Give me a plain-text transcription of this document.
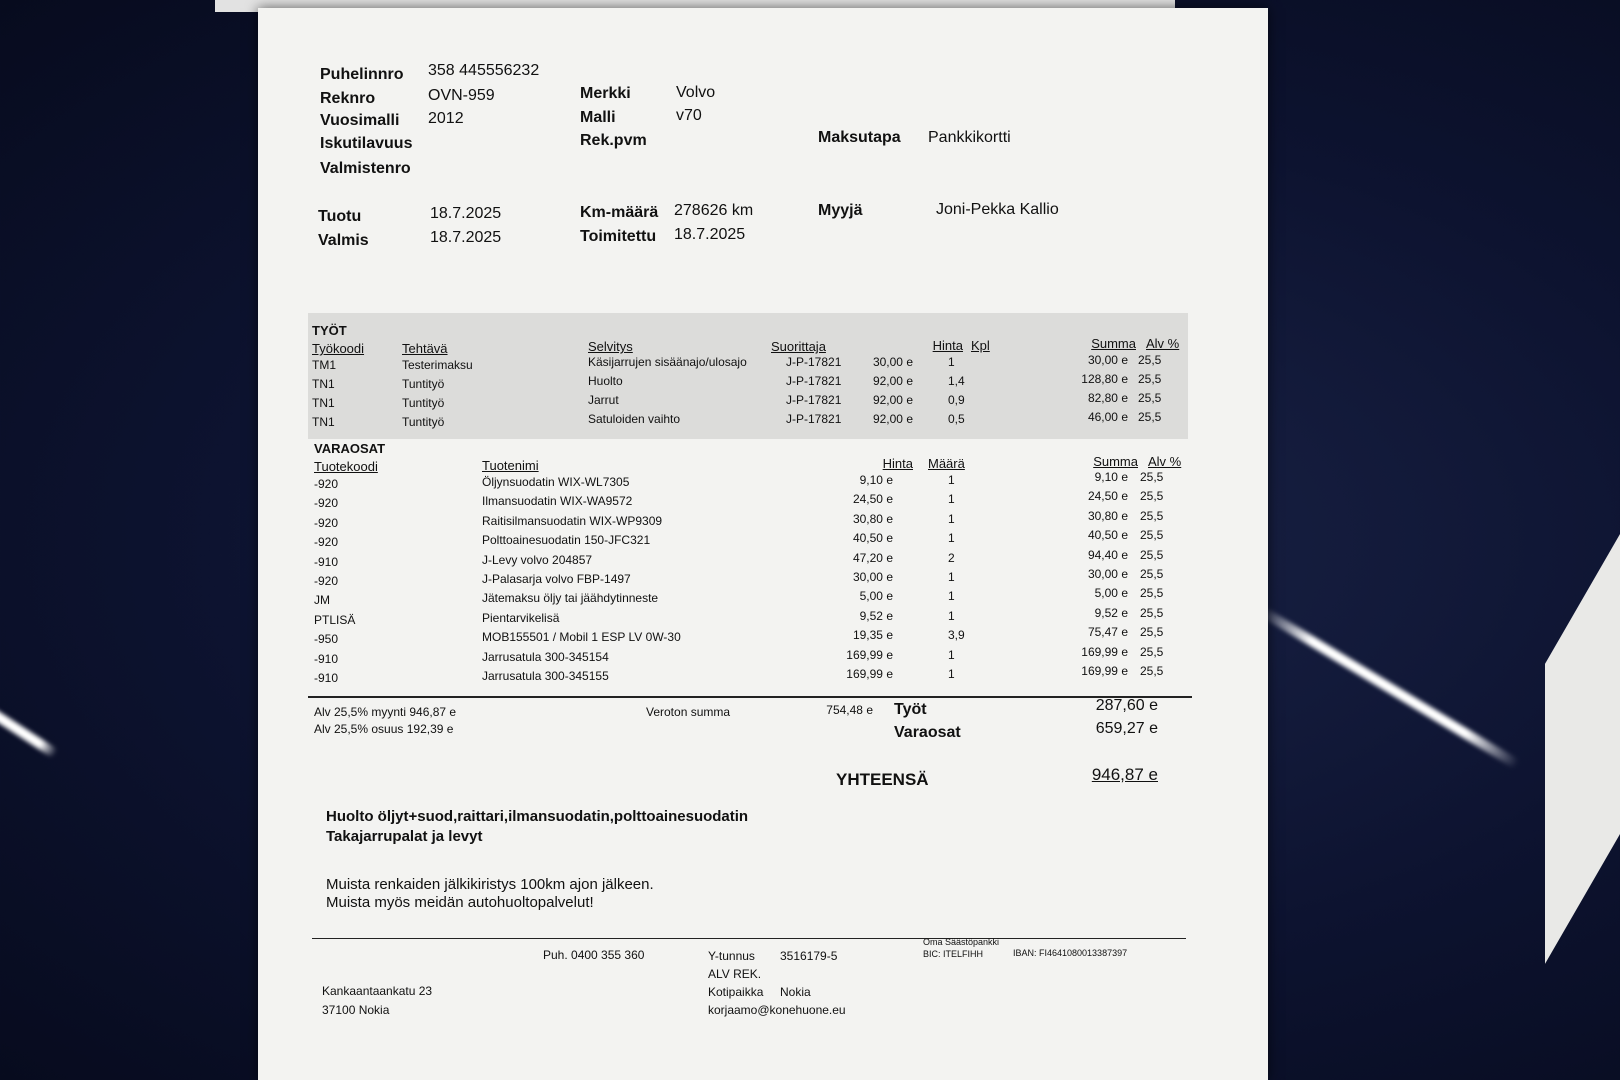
Puhelinnro 358 445556232
Reknro	OVN-959
Vuosimalli 2012
Iskutilavuus
Valmistenro
Merkki	Volvo
Malli	v70
Rek.pvm	Maksutapa Pankkikortti
Tuotu	18.7.2025
Valmis	18.7.2025
Km-määrä 278626 km
Toimitettu 18.7.2025
Myyjä	Joni-Pekka Kallio
TYÖT
Työkoodi	Tehtävä	Selvitys	Suorittaja	Hinta Kpl	Summa Alv %
TM1	Testerimaksu	Käsijarrujen sisäänajo/ulosajo	J-P-17821	30,00 e	1	30,00 e 25,5
TN1	Tuntityö	Huolto	J-P-17821	92,00 e	1,4	128,80 e 25,5
TN1	Tuntityö	Jarrut	J-P-17821	92,00 e	0,9	82,80 e 25,5
TN1	Tuntityö	Satuloiden vaihto	J-P-17821	92,00 e	0,5	46,00 e 25,5
VARAOSAT
Tuotekoodi	Tuotenimi	Hinta Määrä	Summa Alv %
-920	Öljynsuodatin WIX-WL7305	9,10 e	1	9,10 e 25,5
-920	Ilmansuodatin WIX-WA9572	24,50 e	1	24,50 e 25,5
-920	Raitisilmansuodatin WIX-WP9309	30,80 e	1	30,80 e 25,5
-920	Polttoainesuodatin 150-JFC321	40,50 e	1	40,50 e 25,5
-910	J-Levy volvo 204857	47,20 e	2	94,40 e 25,5
-920	J-Palasarja volvo FBP-1497	30,00 e	1	30,00 e 25,5
JM	Jätemaksu öljy tai jäähdytinneste	5,00 e	1	5,00 e 25,5
PTLISÄ	Pientarvikelisä	9,52 e	1	9,52 e 25,5
-950	MOB155501 / Mobil 1 ESP LV 0W-30	19,35 e	3,9	75,47 e 25,5
-910	Jarrusatula 300-345154	169,99 e	1	169,99 e 25,5
-910	Jarrusatula 300-345155	169,99 e	1	169,99 e 25,5
Alv 25,5% myynti 946,87 e
Alv 25,5% osuus 192,39 e
Veroton summa	754,48 e Työt	287,60 e
Varaosat	659,27 e
YHTEENSÄ	946,87 e
Huolto öljyt+suod,raittari,ilmansuodatin,polttoainesuodatin
Takajarrupalat ja levyt
Muista renkaiden jälkikiristys 100km ajon jälkeen.
Muista myös meidän autohuoltopalvelut!
Puh. 0400 355 360	Y-tunnus 3516179-5
ALV REK.
Kotipaikka Nokia
korjaamo@konehuone.eu
Kankaantaankatu 23
37100 Nokia
Oma Säästöpankki
BIC: ITELFIHH	IBAN: FI4641080013387397
